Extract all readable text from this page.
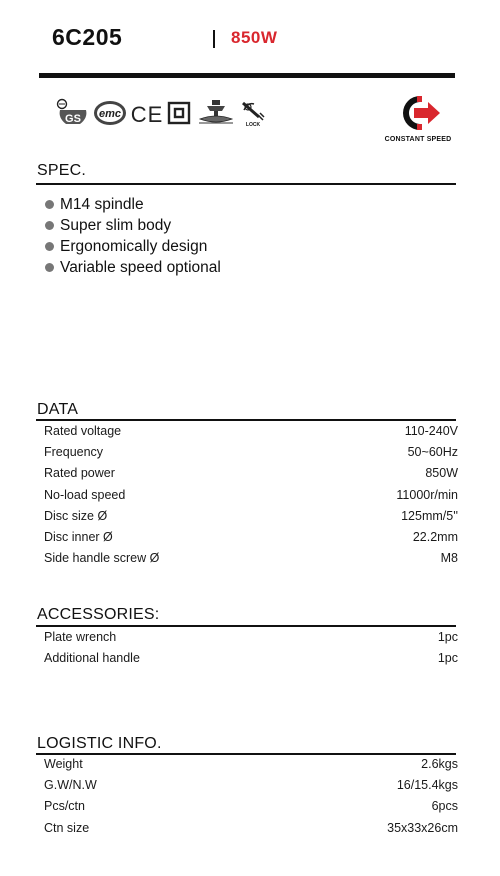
6C205	850W
GS emc CE	LOCK
CONSTANT SPEED
SPEC.
M14 spindle
Super slim body
Ergonomically design
Variable speed optional
DATA
Rated voltage	110-240V
Frequency	50~60Hz
Rated power	850W
No-load speed	11000r/min
Disc size Ø	125mm/5''
Disc inner Ø	22.2mm
Side handle screw Ø	M8
ACCESSORIES:
Plate wrench	1pc
Additional handle	1pc
LOGISTIC INFO.
Weight	2.6kgs
G.W/N.W	16/15.4kgs
Pcs/ctn	6pcs
Ctn size	35x33x26cm
